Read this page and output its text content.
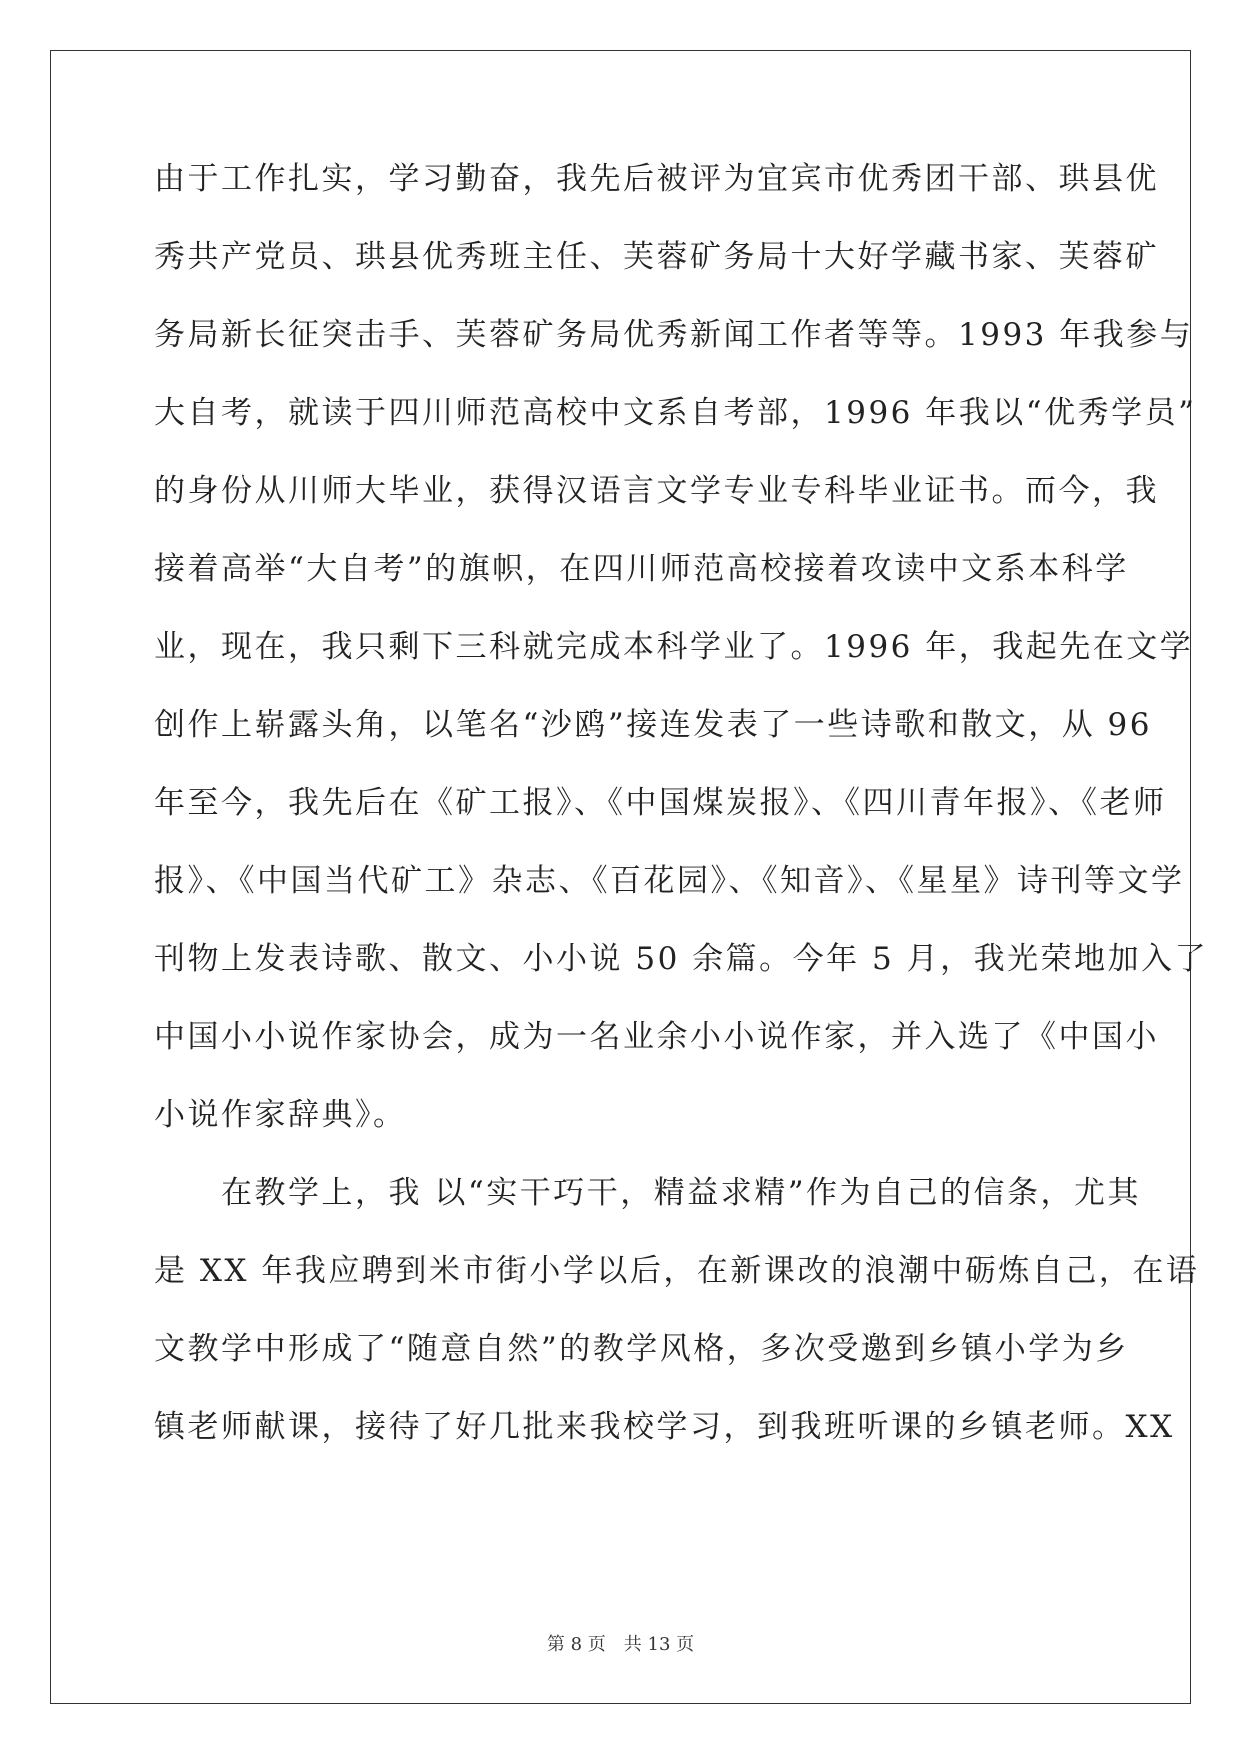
由于工作扎实，学习勤奋，我先后被评为宜宾市优秀团干部、珙县优
秀共产党员、珙县优秀班主任、芙蓉矿务局十大好学藏书家、芙蓉矿
务局新长征突击手、芙蓉矿务局优秀新闻工作者等等。1993 年我参与
大自考，就读于四川师范高校中文系自考部，1996 年我以“优秀学员”
的身份从川师大毕业，获得汉语言文学专业专科毕业证书。而今，我
接着高举“大自考”的旗帜，在四川师范高校接着攻读中文系本科学
业，现在，我只剩下三科就完成本科学业了。1996 年，我起先在文学
创作上崭露头角，以笔名“沙鸥”接连发表了一些诗歌和散文，从 96
年至今，我先后在《矿工报》、《中国煤炭报》、《四川青年报》、《老师
报》、《中国当代矿工》杂志、《百花园》、《知音》、《星星》诗刊等文学
刊物上发表诗歌、散文、小小说 50 余篇。今年 5 月，我光荣地加入了
中国小小说作家协会，成为一名业余小小说作家，并入选了《中国小
小说作家辞典》。
　　在教学上，我 以“实干巧干，精益求精”作为自己的信条，尤其
是 XX 年我应聘到米市街小学以后，在新课改的浪潮中砺炼自己，在语
文教学中形成了“随意自然”的教学风格，多次受邀到乡镇小学为乡
镇老师献课，接待了好几批来我校学习，到我班听课的乡镇老师。XX
第 8 页　共 13 页
